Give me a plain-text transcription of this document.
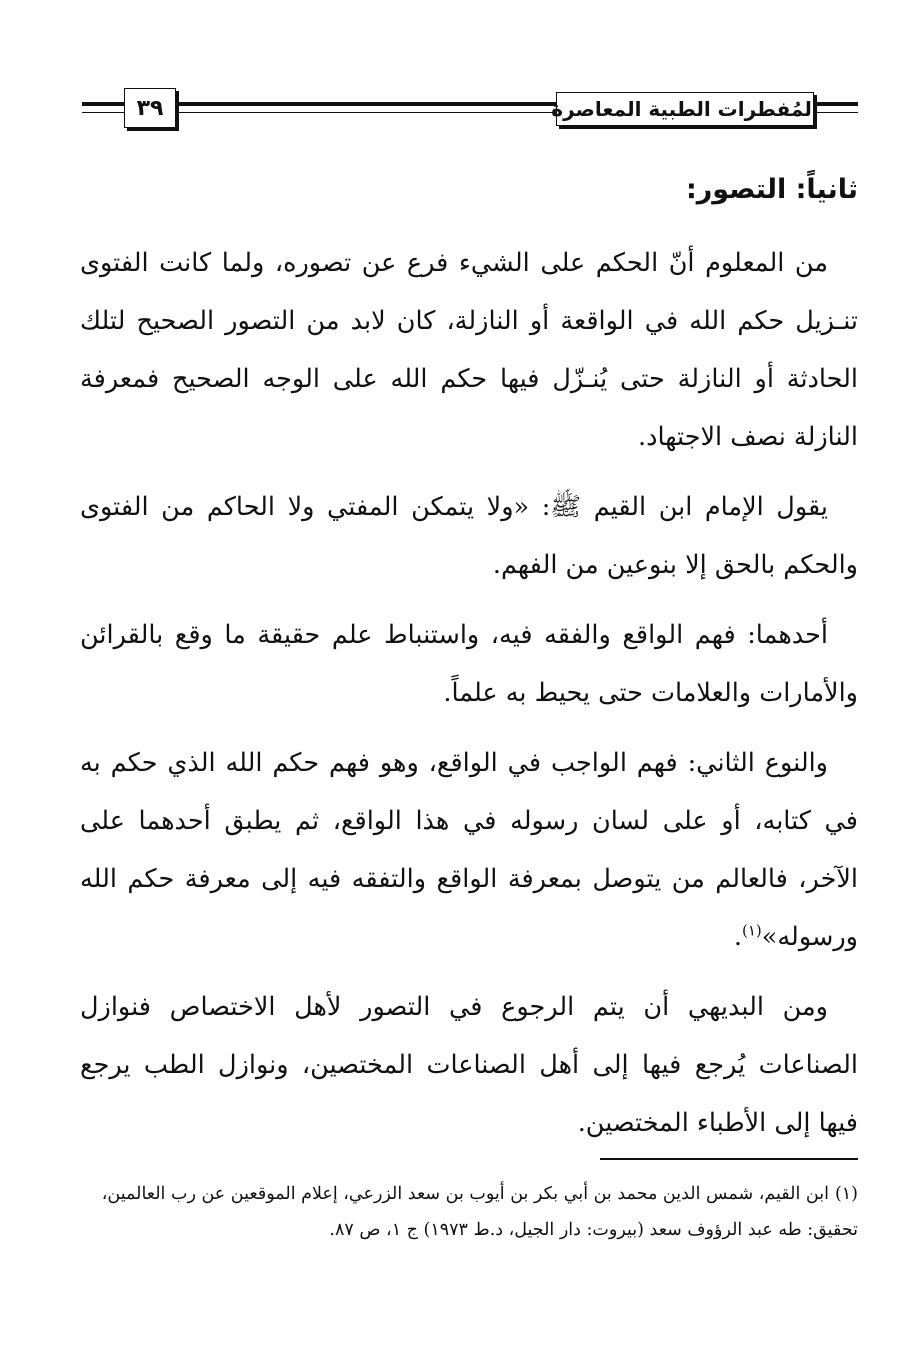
٣٩	المُفطرات الطبية المعاصرة
ثانياً: التصور:

من المعلوم أنّ الحكم على الشيء فرع عن تصوره، ولما كانت الفتوى تنـزيل حكم الله في الواقعة أو النازلة، كان لابد من التصور الصحيح لتلك الحادثة أو النازلة حتى يُنـزّل فيها حكم الله على الوجه الصحيح فمعرفة النازلة نصف الاجتهاد.

يقول الإمام ابن القيم ﷺ: «ولا يتمكن المفتي ولا الحاكم من الفتوى والحكم بالحق إلا بنوعين من الفهم.

أحدهما: فهم الواقع والفقه فيه، واستنباط علم حقيقة ما وقع بالقرائن والأمارات والعلامات حتى يحيط به علماً.

والنوع الثاني: فهم الواجب في الواقع، وهو فهم حكم الله الذي حكم به في كتابه، أو على لسان رسوله في هذا الواقع، ثم يطبق أحدهما على الآخر، فالعالم من يتوصل بمعرفة الواقع والتفقه فيه إلى معرفة حكم الله ورسوله»$^{(١)}$.

ومن البديهي أن يتم الرجوع في التصور لأهل الاختصاص فنوازل الصناعات يُرجع فيها إلى أهل الصناعات المختصين، ونوازل الطب يرجع فيها إلى الأطباء المختصين.

(١)ابن القيم، شمس الدين محمد بن أبي بكر بن أيوب بن سعد الزرعي، إعلام الموقعين عن رب العالمين، تحقيق: طه عبد الرؤوف سعد (بيروت: دار الجيل، د.ط ١٩٧٣) ج ١، ص ٨٧.
